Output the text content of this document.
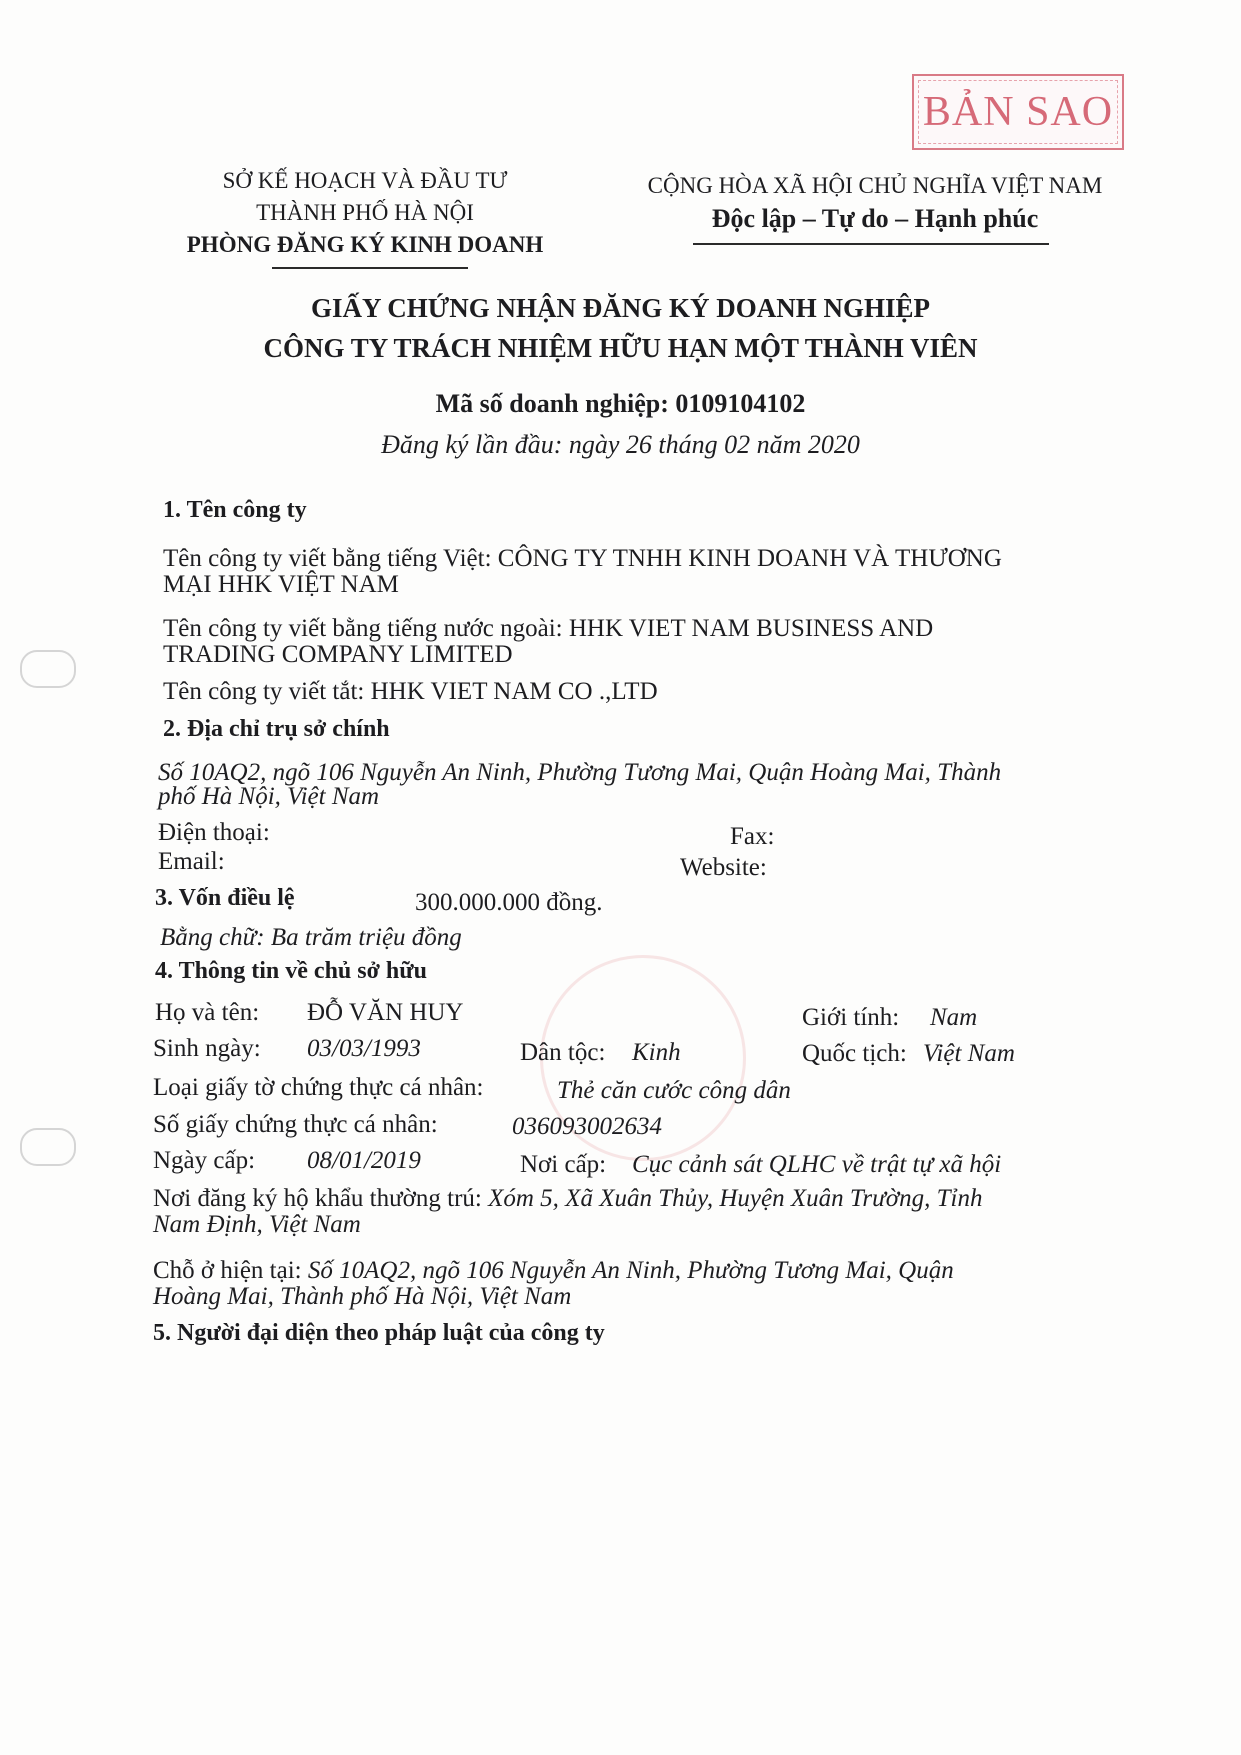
BẢN SAO
SỞ KẾ HOẠCH VÀ ĐẦU TƯ
THÀNH PHỐ HÀ NỘI
PHÒNG ĐĂNG KÝ KINH DOANH
CỘNG HÒA XÃ HỘI CHỦ NGHĨA VIỆT NAM
Độc lập – Tự do – Hạnh phúc
GIẤY CHỨNG NHẬN ĐĂNG KÝ DOANH NGHIỆP
CÔNG TY TRÁCH NHIỆM HỮU HẠN MỘT THÀNH VIÊN
Mã số doanh nghiệp: 0109104102
Đăng ký lần đầu: ngày 26 tháng 02 năm 2020
1. Tên công ty
Tên công ty viết bằng tiếng Việt: CÔNG TY TNHH KINH DOANH VÀ THƯƠNG
MẠI HHK VIỆT NAM
Tên công ty viết bằng tiếng nước ngoài: HHK VIET NAM BUSINESS AND
TRADING COMPANY LIMITED
Tên công ty viết tắt: HHK VIET NAM CO .,LTD
2. Địa chỉ trụ sở chính
Số 10AQ2, ngõ 106 Nguyễn An Ninh, Phường Tương Mai, Quận Hoàng Mai, Thành
phố Hà Nội, Việt Nam
Điện thoại:	Fax:
Email:	Website:
3. Vốn điều lệ	300.000.000 đồng.
Bằng chữ: Ba trăm triệu đồng
4. Thông tin về chủ sở hữu
Họ và tên: ĐỖ VĂN HUY	Giới tính: Nam
Sinh ngày: 03/03/1993	Dân tộc: Kinh	Quốc tịch: Việt Nam
Loại giấy tờ chứng thực cá nhân:	Thẻ căn cước công dân
Số giấy chứng thực cá nhân:	036093002634
Ngày cấp: 08/01/2019	Nơi cấp: Cục cảnh sát QLHC về trật tự xã hội
Nơi đăng ký hộ khẩu thường trú: Xóm 5, Xã Xuân Thủy, Huyện Xuân Trường, Tỉnh
Nam Định, Việt Nam
Chỗ ở hiện tại: Số 10AQ2, ngõ 106 Nguyễn An Ninh, Phường Tương Mai, Quận
Hoàng Mai, Thành phố Hà Nội, Việt Nam
5. Người đại diện theo pháp luật của công ty
